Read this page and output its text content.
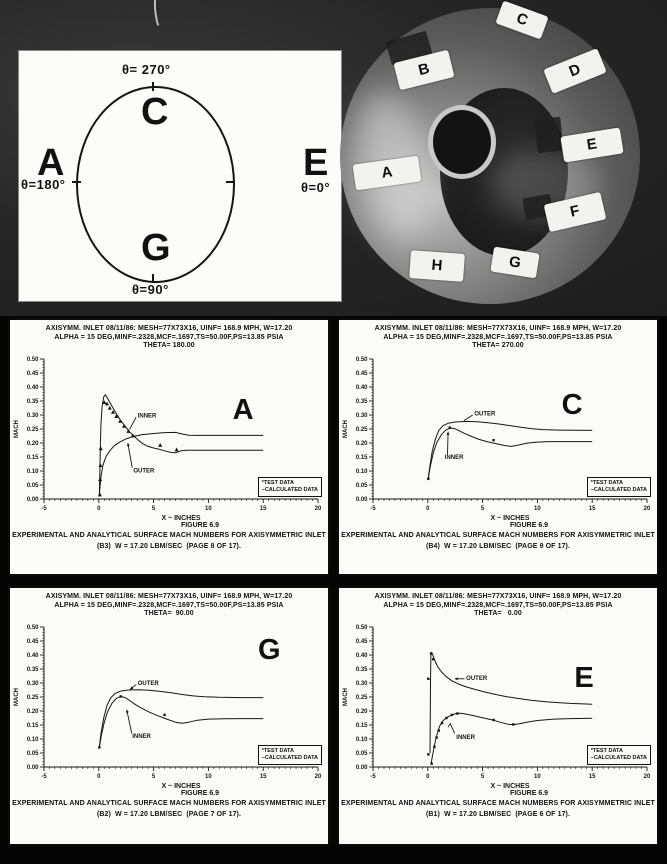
θ= 270°
C
A
θ=180°
E
θ=0°
G
θ=90°
A
B
C
D
E
F
G
H
AXISYMM. INLET 08/11/86: MESH=77X73X16, UINF= 168.9 MPH, W=17.20
ALPHA = 15 DEG,MINF=.2328,MCF=.1697,TS=50.00F,PS=13.85 PSIA
THETA= 180.00
0.00
0.05
0.10
0.15
0.20
0.25
0.30
0.35
0.40
0.45
0.50
-5	0	5	10	15	20
X ~ INCHES
MACH
INNER
OUTER
A
*TEST DATA
–CALCULATED DATA
FIGURE 6.9
EXPERIMENTAL AND ANALYTICAL SURFACE MACH NUMBERS FOR AXISYMMETRIC INLET
(B3)  W = 17.20 LBM/SEC  (PAGE 8 OF 17).
AXISYMM. INLET 08/11/86: MESH=77X73X16, UINF= 168.9 MPH, W=17.20
ALPHA = 15 DEG,MINF=.2328,MCF=.1697,TS=50.00F,PS=13.85 PSIA
THETA= 270.00
0.00
0.05
0.10
0.15
0.20
0.25
0.30
0.35
0.40
0.45
0.50
-5	0	5	10	15	20
X ~ INCHES
MACH
OUTER
INNER
C
*TEST DATA
–CALCULATED DATA
FIGURE 6.9
EXPERIMENTAL AND ANALYTICAL SURFACE MACH NUMBERS FOR AXISYMMETRIC INLET
(B4)  W = 17.20 LBM/SEC  (PAGE 9 OF 17).
AXISYMM. INLET 08/11/86: MESH=77X73X16, UINF= 168.9 MPH, W=17.20
ALPHA = 15 DEG,MINF=.2328,MCF=.1697,TS=50.00F,PS=13.85 PSIA
THETA=  90.00
0.00
0.05
0.10
0.15
0.20
0.25
0.30
0.35
0.40
0.45
0.50
-5	0	5	10	15	20
X ~ INCHES
MACH
OUTER
INNER
G
*TEST DATA
–CALCULATED DATA
FIGURE 6.9
EXPERIMENTAL AND ANALYTICAL SURFACE MACH NUMBERS FOR AXISYMMETRIC INLET
(B2)  W = 17.20 LBM/SEC  (PAGE 7 OF 17).
AXISYMM. INLET 08/11/86: MESH=77X73X16, UINF= 168.9 MPH, W=17.20
ALPHA = 15 DEG,MINF=.2328,MCF=.1697,TS=50.00F,PS=13.85 PSIA
THETA=   0.00
0.00
0.05
0.10
0.15
0.20
0.25
0.30
0.35
0.40
0.45
0.50
-5	0	5	10	15	20
X ~ INCHES
MACH
OUTER
INNER
E
*TEST DATA
–CALCULATED DATA
FIGURE 6.9
EXPERIMENTAL AND ANALYTICAL SURFACE MACH NUMBERS FOR AXISYMMETRIC INLET
(B1)  W = 17.20 LBM/SEC  (PAGE 6 OF 17).
